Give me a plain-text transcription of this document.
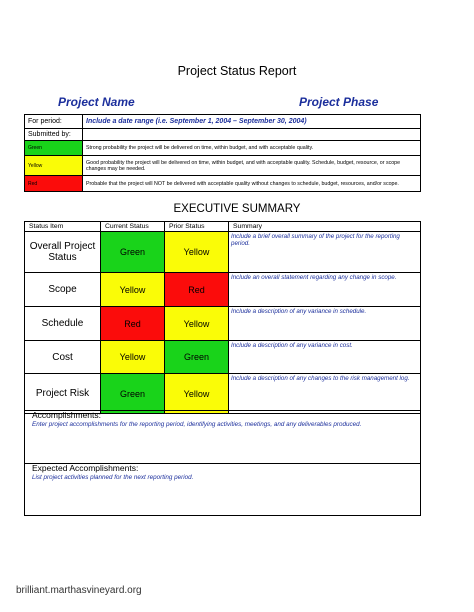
Project Status Report
Project Name	Project Phase
For period:	Include a date range (i.e. September 1, 2004 – September 30, 2004)
Submitted by:	
Green	Strong probability the project will be delivered on time, within budget, and with acceptable quality.
Yellow	Good probability the project will be delivered on time, within budget, and with acceptable quality. Schedule, budget, resource, or scope changes may be needed.
Red	Probable that the project will NOT be delivered with acceptable quality without changes to schedule, budget, resources, and/or scope.
EXECUTIVE SUMMARY
Status Item	Current Status	Prior Status	Summary
Overall Project Status	Green	Yellow	Include a brief overall summary of the project for the reporting period.
Scope	Yellow	Red	Include an overall statement regarding any change in scope.
Schedule	Red	Yellow	Include a description of any variance in schedule.
Cost	Yellow	Green	Include a description of any variance in cost.
Project Risk	Green	Yellow	Include a description of any changes to the risk management log.
Accomplishments:
Enter project accomplishments for the reporting period, identifying activities, meetings, and any deliverables produced.
Expected Accomplishments:
List project activities planned for the next reporting period.
brilliant.marthasvineyard.org
